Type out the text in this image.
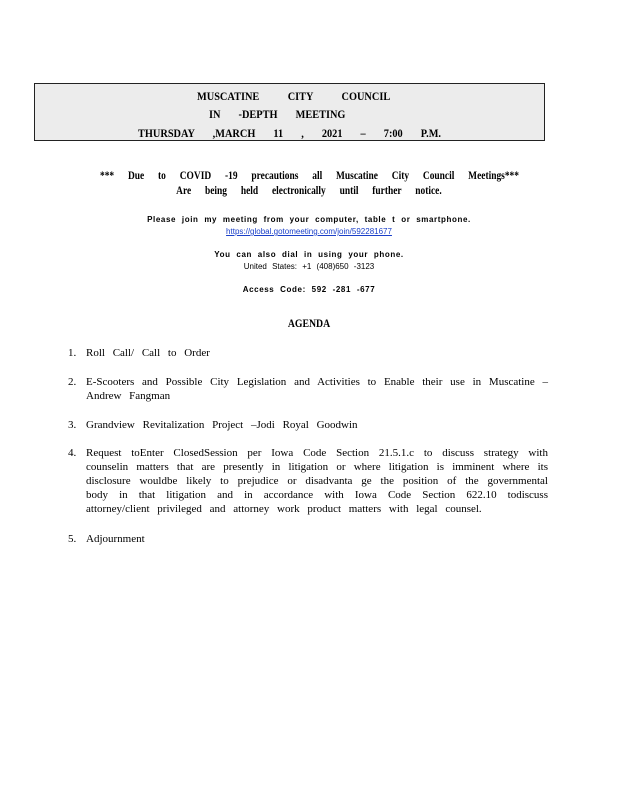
MUSCATINE CITY COUNCIL
IN -DEPTH MEETING
THURSDAY ,MARCH 11 , 2021 – 7:00 P.M.
*** Due to COVID -19 precautions all Muscatine City Council Meetings***
Are being held electronically until further notice.
Please join my meeting from your computer, table t or smartphone.
https://global.gotomeeting.com/join/592281677
You can also dial in using your phone.
United States: +1 (408)650 -3123
Access Code: 592 -281 -677
AGENDA
1. Roll Call/ Call to Order
2. E-Scooters and Possible City Legislation and Activities to Enable their use in Muscatine – Andrew Fangman
3. Grandview Revitalization Project –Jodi Royal Goodwin
4. Request toEnter ClosedSession per Iowa Code Section 21.5.1.c to discuss strategy with counselin matters that are presently in litigation or where litigation is imminent where its disclosure wouldbe likely to prejudice or disadvanta ge the position of the governmental body in that litigation and in accordance with Iowa Code Section 622.10 todiscuss attorney/client privileged and attorney work product matters with legal counsel.
5. Adjournment
